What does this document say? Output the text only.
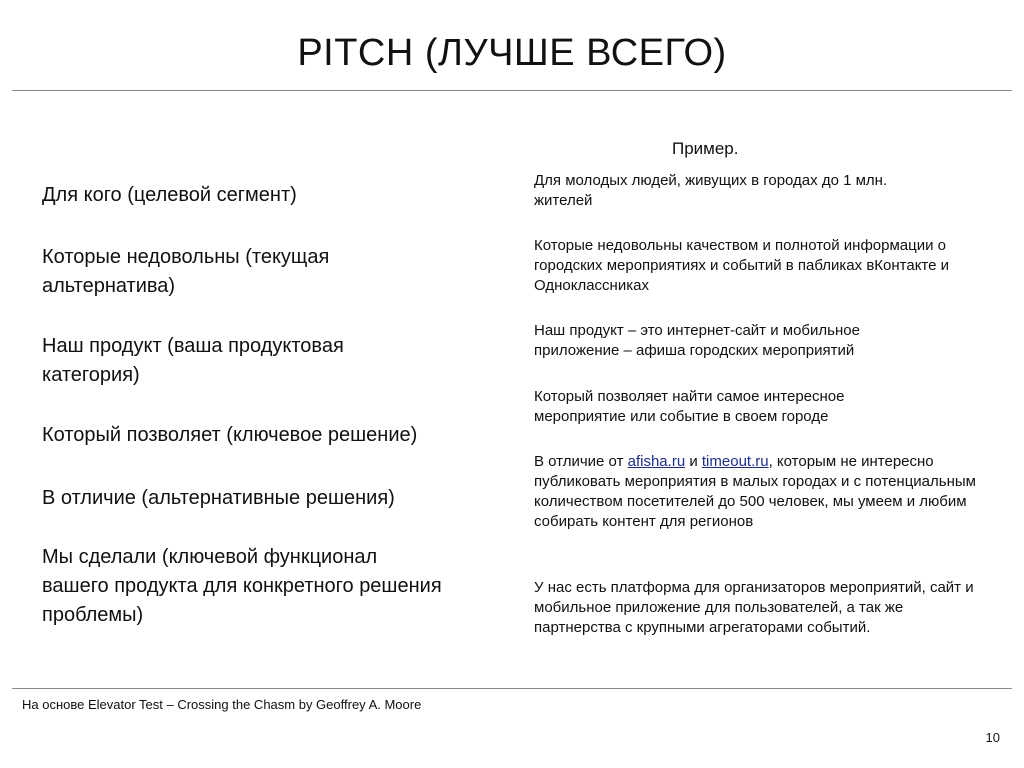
PITCH (ЛУЧШЕ ВСЕГО)
Пример.
Для кого (целевой сегмент)
Которые недовольны (текущая альтернатива)
Наш продукт (ваша продуктовая категория)
Который позволяет (ключевое решение)
В отличие (альтернативные решения)
Мы сделали (ключевой функционал вашего продукта для конкретного решения проблемы)
Для молодых людей, живущих в городах до 1 млн. жителей
Которые недовольны качеством и полнотой информации о городских мероприятиях и событий в пабликах вКонтакте и Одноклассниках
Наш продукт – это интернет-сайт и мобильное приложение – афиша городских мероприятий
Который позволяет найти самое интересное мероприятие или событие в своем городе
В отличие от afisha.ru и timeout.ru, которым не интересно публиковать мероприятия в малых городах и с потенциальным количеством посетителей до 500 человек, мы умеем и любим собирать контент для регионов
У нас есть платформа для организаторов мероприятий, сайт и мобильное приложение для пользователей, а так же партнерства с крупными агрегаторами событий.
На основе Elevator Test – Crossing the Chasm by Geoffrey A. Moore
10
